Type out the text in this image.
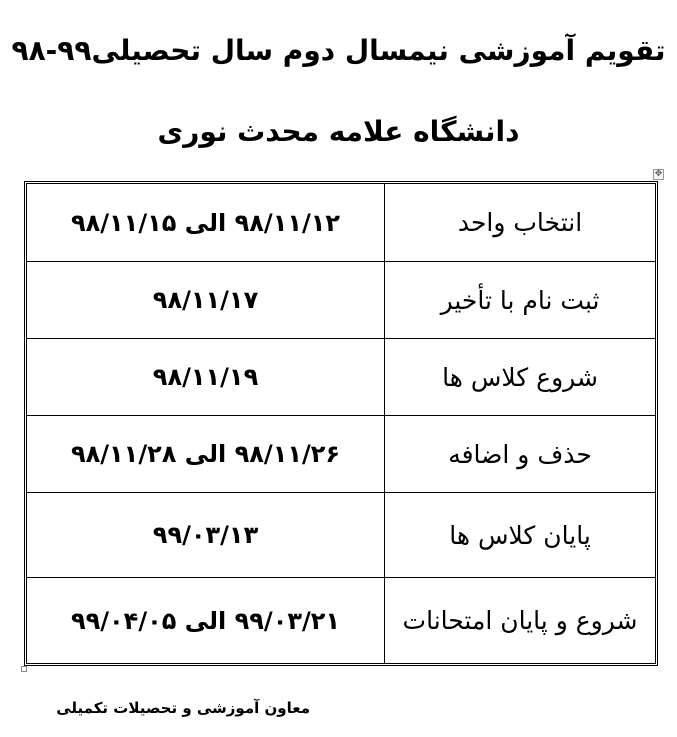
تقویم آموزشی نیمسال دوم سال تحصیلی۹۹-۹۸
دانشگاه علامه محدث نوری
✥
انتخاب واحد
۹۸/۱۱/۱۲ الی ۹۸/۱۱/۱۵
ثبت نام با تأخیر
۹۸/۱۱/۱۷
شروع کلاس ها
۹۸/۱۱/۱۹
حذف و اضافه
۹۸/۱۱/۲۶ الی ۹۸/۱۱/۲۸
پایان کلاس ها
۹۹/۰۳/۱۳
شروع و پایان امتحانات
۹۹/۰۳/۲۱ الی ۹۹/۰۴/۰۵
معاون آموزشی و تحصیلات تکمیلی
